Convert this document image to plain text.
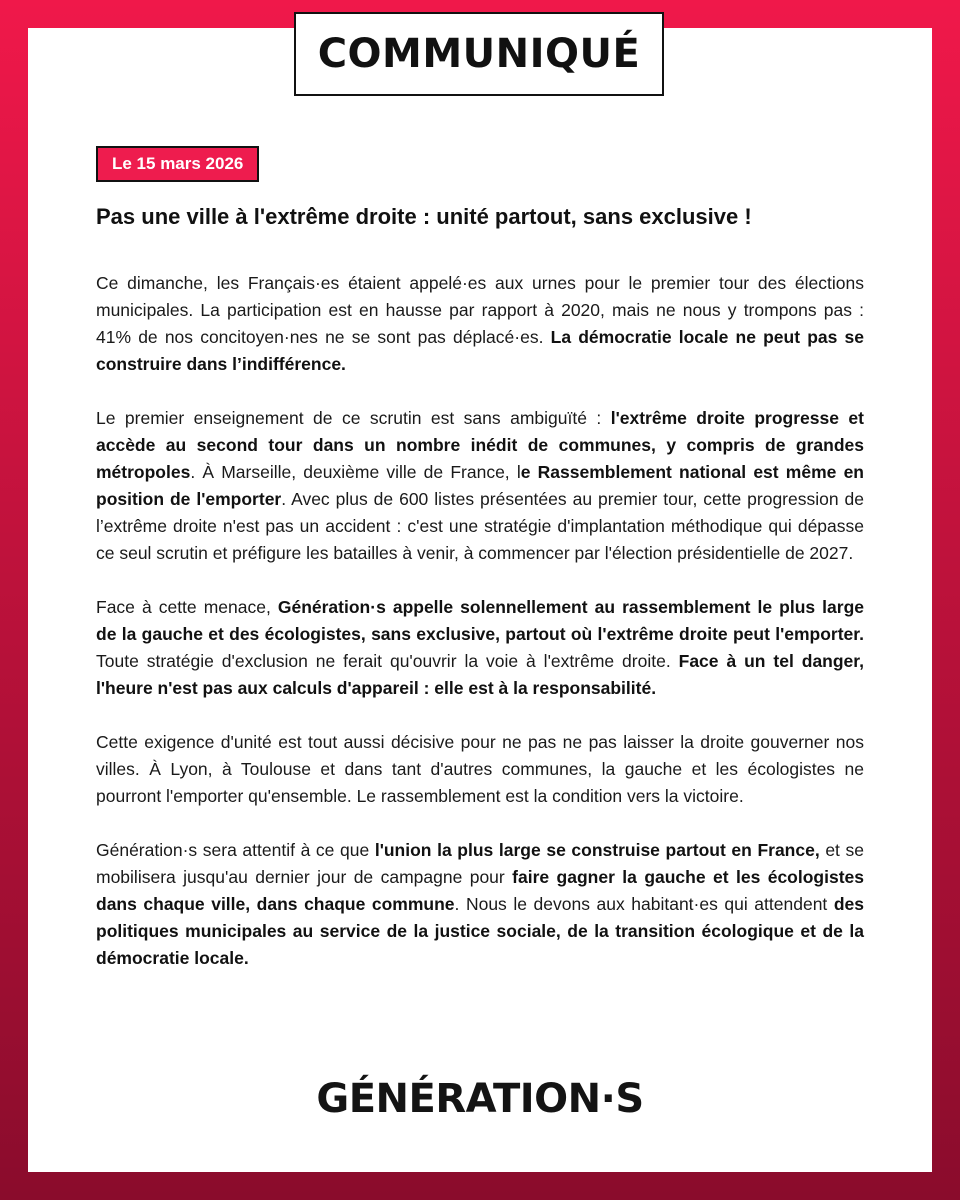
COMMUNIQUÉ
Le 15 mars 2026
Pas une ville à l'extrême droite : unité partout, sans exclusive !

Ce dimanche, les Français·es étaient appelé·es aux urnes pour le premier tour des élections municipales. La participation est en hausse par rapport à 2020, mais ne nous y trompons pas : 41% de nos concitoyen·nes ne se sont pas déplacé·es. La démocratie locale ne peut pas se construire dans l’indifférence.

Le premier enseignement de ce scrutin est sans ambiguïté : l'extrême droite progresse et accède au second tour dans un nombre inédit de communes, y compris de grandes métropoles. À Marseille, deuxième ville de France, le Rassemblement national est même en position de l'emporter. Avec plus de 600 listes présentées au premier tour, cette progression de l’extrême droite n'est pas un accident : c'est une stratégie d'implantation méthodique qui dépasse ce seul scrutin et préfigure les batailles à venir, à commencer par l'élection présidentielle de 2027.

Face à cette menace, Génération·s appelle solennellement au rassemblement le plus large de la gauche et des écologistes, sans exclusive, partout où l'extrême droite peut l'emporter. Toute stratégie d'exclusion ne ferait qu'ouvrir la voie à l'extrême droite. Face à un tel danger, l'heure n'est pas aux calculs d'appareil : elle est à la responsabilité.

Cette exigence d'unité est tout aussi décisive pour ne pas ne pas laisser la droite gouverner nos villes. À Lyon, à Toulouse et dans tant d'autres communes, la gauche et les écologistes ne pourront l'emporter qu'ensemble. Le rassemblement est la condition vers la victoire.

Génération·s sera attentif à ce que l'union la plus large se construise partout en France, et se mobilisera jusqu'au dernier jour de campagne pour faire gagner la gauche et les écologistes dans chaque ville, dans chaque commune. Nous le devons aux habitant·es qui attendent des politiques municipales au service de la justice sociale, de la transition écologique et de la démocratie locale.

GÉNÉRATION·S
